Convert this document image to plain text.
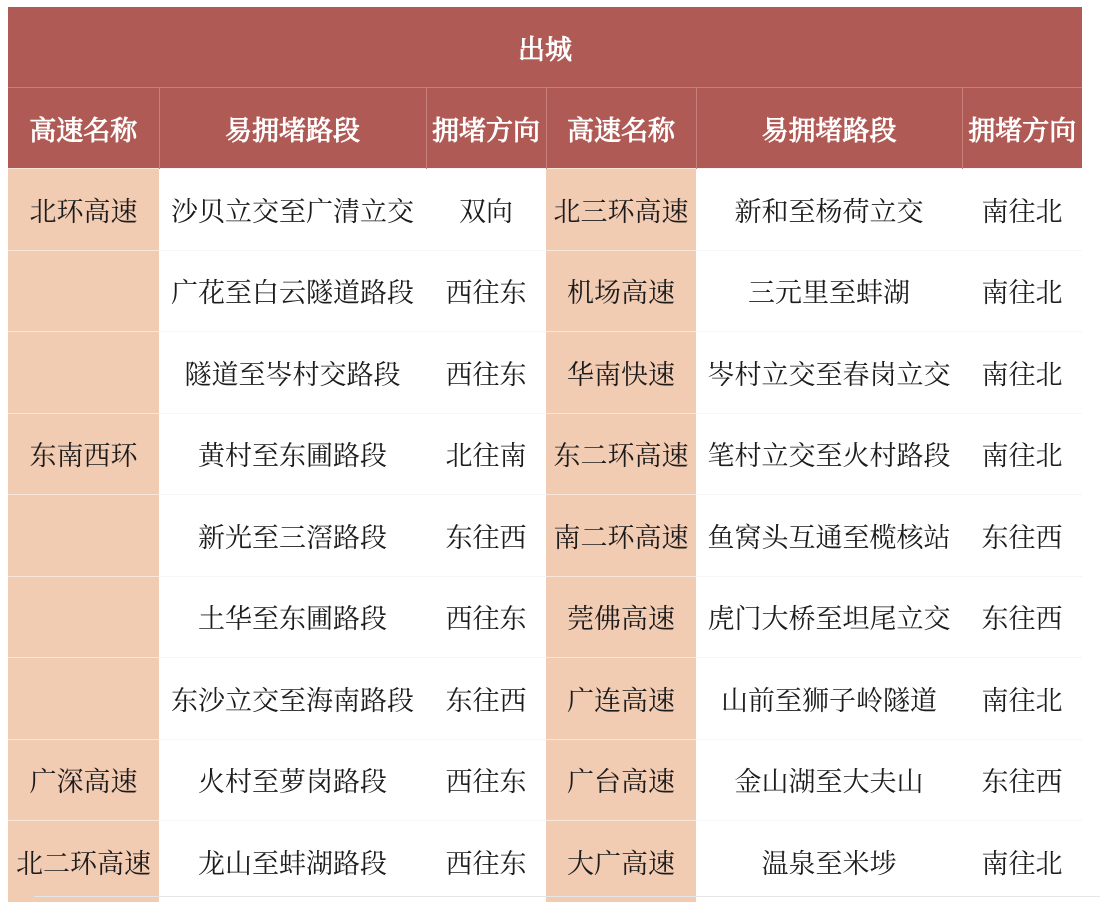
出城					
高速名称	易拥堵路段	拥堵方向	高速名称	易拥堵路段	拥堵方向
北环高速	沙贝立交至广清立交	双向	北三环高速	新和至杨荷立交	南往北
	广花至白云隧道路段	西往东	机场高速	三元里至蚌湖	南往北
	隧道至岑村交路段	西往东	华南快速	岑村立交至春岗立交	南往北
东南西环	黄村至东圃路段	北往南	东二环高速	笔村立交至火村路段	南往北
	新光至三滘路段	东往西	南二环高速	鱼窝头互通至榄核站	东往西
	土华至东圃路段	西往东	莞佛高速	虎门大桥至坦尾立交	东往西
	东沙立交至海南路段	东往西	广连高速	山前至狮子岭隧道	南往北
广深高速	火村至萝岗路段	西往东	广台高速	金山湖至大夫山	东往西
北二环高速	龙山至蚌湖路段	西往东	大广高速	温泉至米埗	南往北
